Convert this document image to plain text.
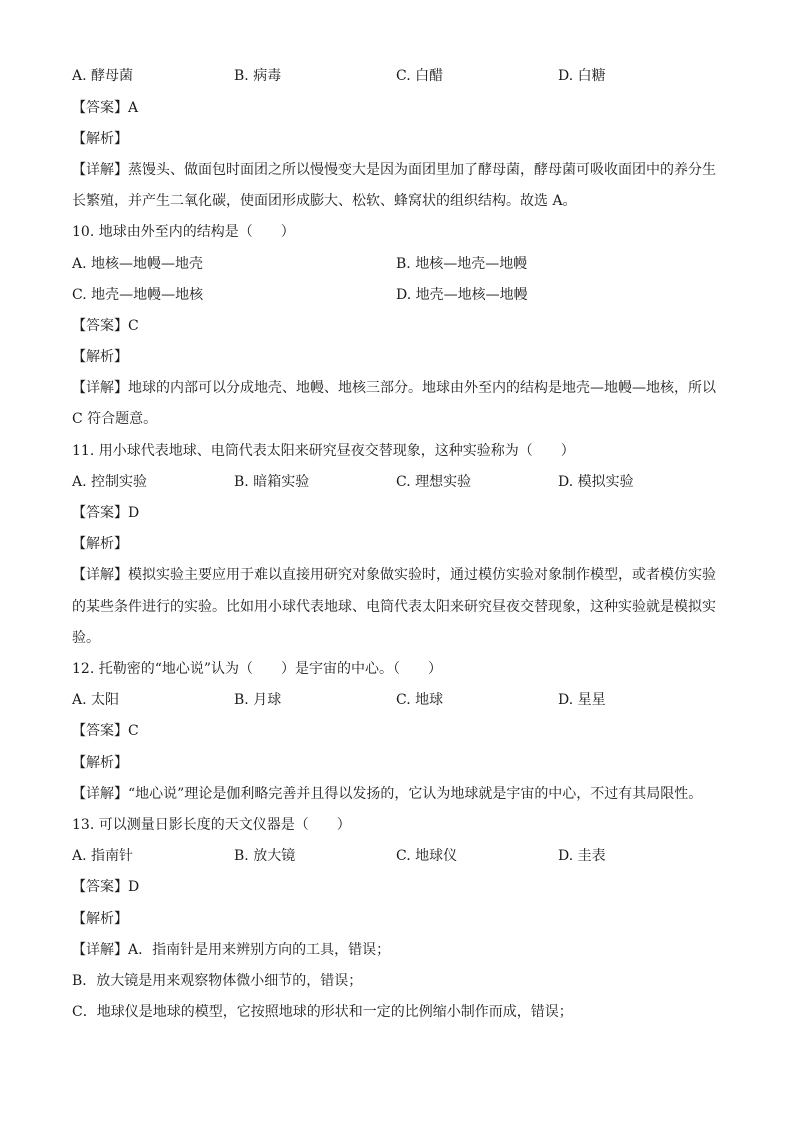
A. 酵母菌	B. 病毒	C. 白醋	D. 白糖
【答案】A
【解析】
【详解】蒸馒头、做面包时面团之所以慢慢变大是因为面团里加了酵母菌，酵母菌可吸收面团中的养分生
长繁殖，并产生二氧化碳，使面团形成膨大、松软、蜂窝状的组织结构。故选 A。
10. 地球由外至内的结构是（　　）
A. 地核—地幔—地壳	B. 地核—地壳—地幔
C. 地壳—地幔—地核	D. 地壳—地核—地幔
【答案】C
【解析】
【详解】地球的内部可以分成地壳、地幔、地核三部分。地球由外至内的结构是地壳—地幔—地核，所以
C 符合题意。
11. 用小球代表地球、电筒代表太阳来研究昼夜交替现象，这种实验称为（　　）
A. 控制实验	B. 暗箱实验	C. 理想实验	D. 模拟实验
【答案】D
【解析】
【详解】模拟实验主要应用于难以直接用研究对象做实验时，通过模仿实验对象制作模型，或者模仿实验
的某些条件进行的实验。比如用小球代表地球、电筒代表太阳来研究昼夜交替现象，这种实验就是模拟实
验。
12. 托勒密的“地心说”认为（　　）是宇宙的中心。（　　）
A. 太阳	B. 月球	C. 地球	D. 星星
【答案】C
【解析】
【详解】“地心说”理论是伽利略完善并且得以发扬的，它认为地球就是宇宙的中心，不过有其局限性。
13. 可以测量日影长度的天文仪器是（　　）
A. 指南针	B. 放大镜	C. 地球仪	D. 圭表
【答案】D
【解析】
【详解】A．指南针是用来辨别方向的工具，错误；
B．放大镜是用来观察物体微小细节的，错误；
C．地球仪是地球的模型，它按照地球的形状和一定的比例缩小制作而成，错误；
